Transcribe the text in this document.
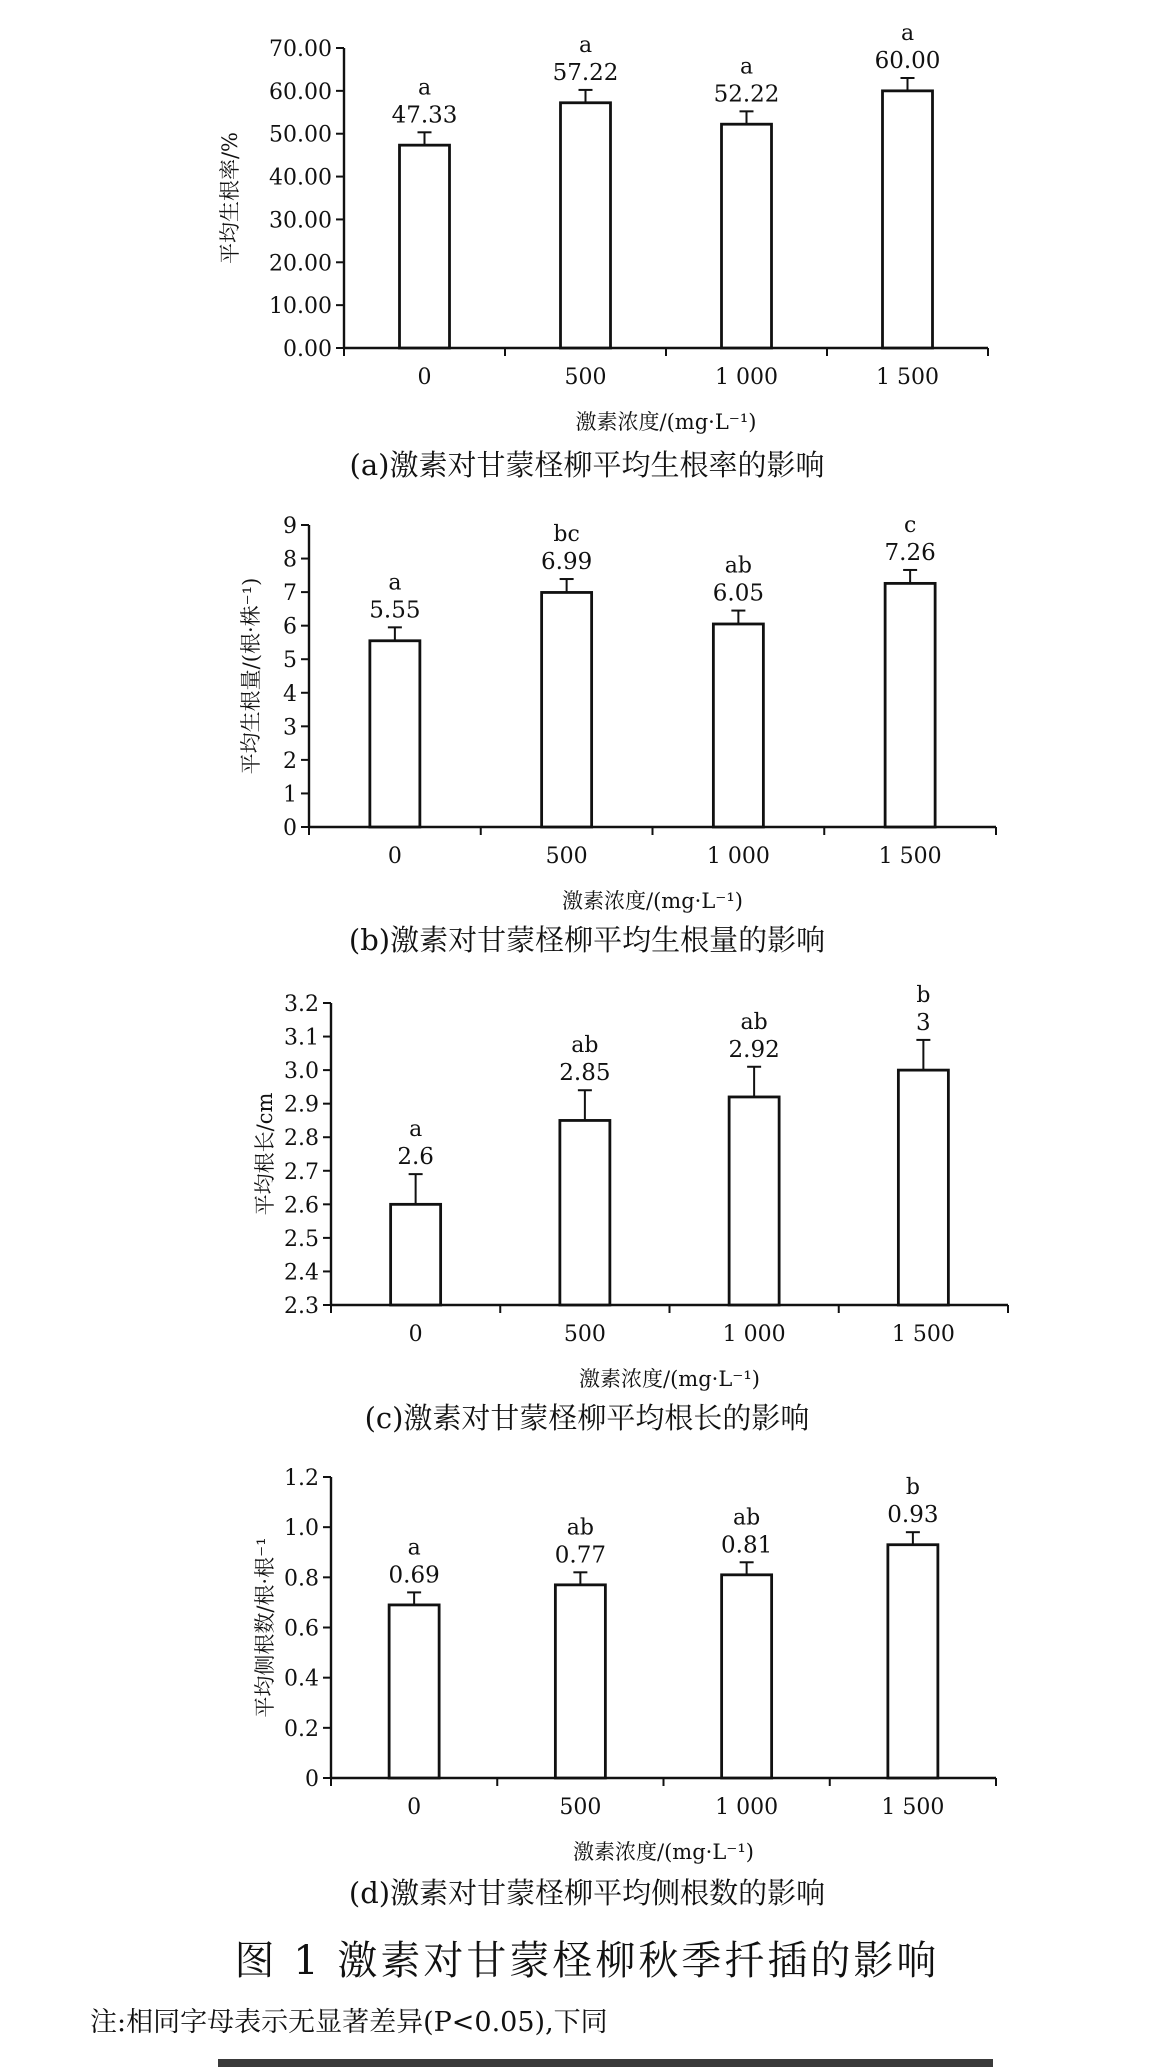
0.00
10.00
20.00
30.00
40.00
50.00
60.00
70.00
0	500	1 000	1 500
47.33
a
57.22
a
52.22
a	60.00
a
平均生根率/%
激素浓度/(mg·L⁻¹)
(a)激素对甘蒙柽柳平均生根率的影响
0
1
2
3
4
5
6
7
8
9
0	500	1 000	1 500
5.55
a
6.99
bc
6.05
ab
7.26
c
平均生根量/(根·株⁻¹)
激素浓度/(mg·L⁻¹)
(b)激素对甘蒙柽柳平均生根量的影响
2.3
2.4
2.5
2.6
2.7
2.8
2.9
3.0
3.1
3.2
0	500	1 000	1 500
2.6
a
2.85
ab	2.92
ab	3
b
平均根长/cm
激素浓度/(mg·L⁻¹)
(c)激素对甘蒙柽柳平均根长的影响
0
0.2
0.4
0.6
0.8
1.0
1.2
0	500	1 000	1 500
0.69
a	0.77
ab
0.81
ab	0.93
b
平均侧根数/根·根⁻¹
激素浓度/(mg·L⁻¹)
(d)激素对甘蒙柽柳平均侧根数的影响
图 1 激素对甘蒙柽柳秋季扦插的影响
注:相同字母表示无显著差异(P<0.05),下同
